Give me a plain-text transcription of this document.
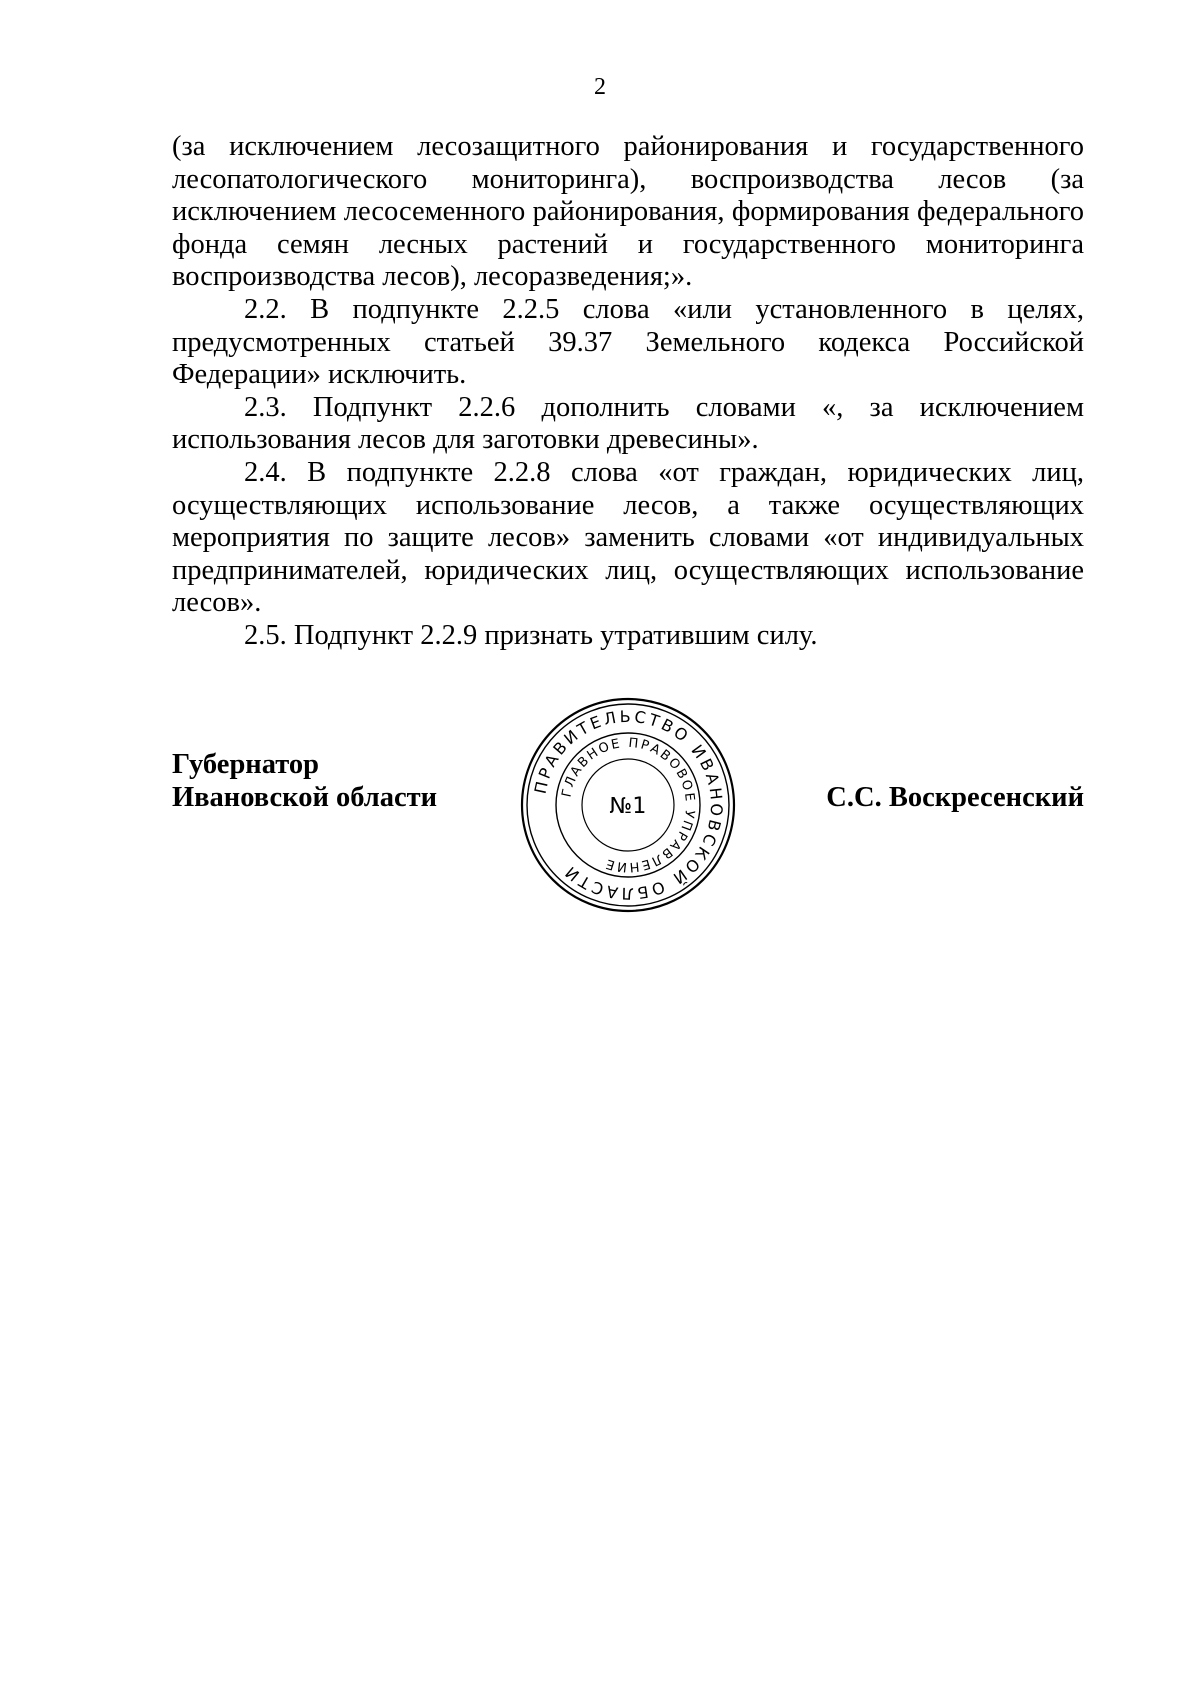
2

(за исключением лесозащитного районирования и государственного лесопатологического мониторинга), воспроизводства лесов (за исключением лесосеменного районирования, формирования федерального фонда семян лесных растений и государственного мониторинга воспроизводства лесов), лесоразведения;».

2.2. В подпункте 2.2.5 слова «или установленного в целях, предусмотренных статьей 39.37 Земельного кодекса Российской Федерации» исключить.

2.3. Подпункт 2.2.6 дополнить словами «, за исключением использования лесов для заготовки древесины».

2.4. В подпункте 2.2.8 слова «от граждан, юридических лиц, осуществляющих использование лесов, а также осуществляющих мероприятия по защите лесов» заменить словами «от индивидуальных предпринимателей, юридических лиц, осуществляющих использование лесов».

2.5. Подпункт 2.2.9 признать утратившим силу.

Губернатор
Ивановской области	С.С. Воскресенский
ПРАВИТЕЛЬСТВО ИВАНОВСКОЙ ОБЛАСТИ
ГЛАВНОЕ ПРАВОВОЕ УПРАВЛЕНИЕ
№1
